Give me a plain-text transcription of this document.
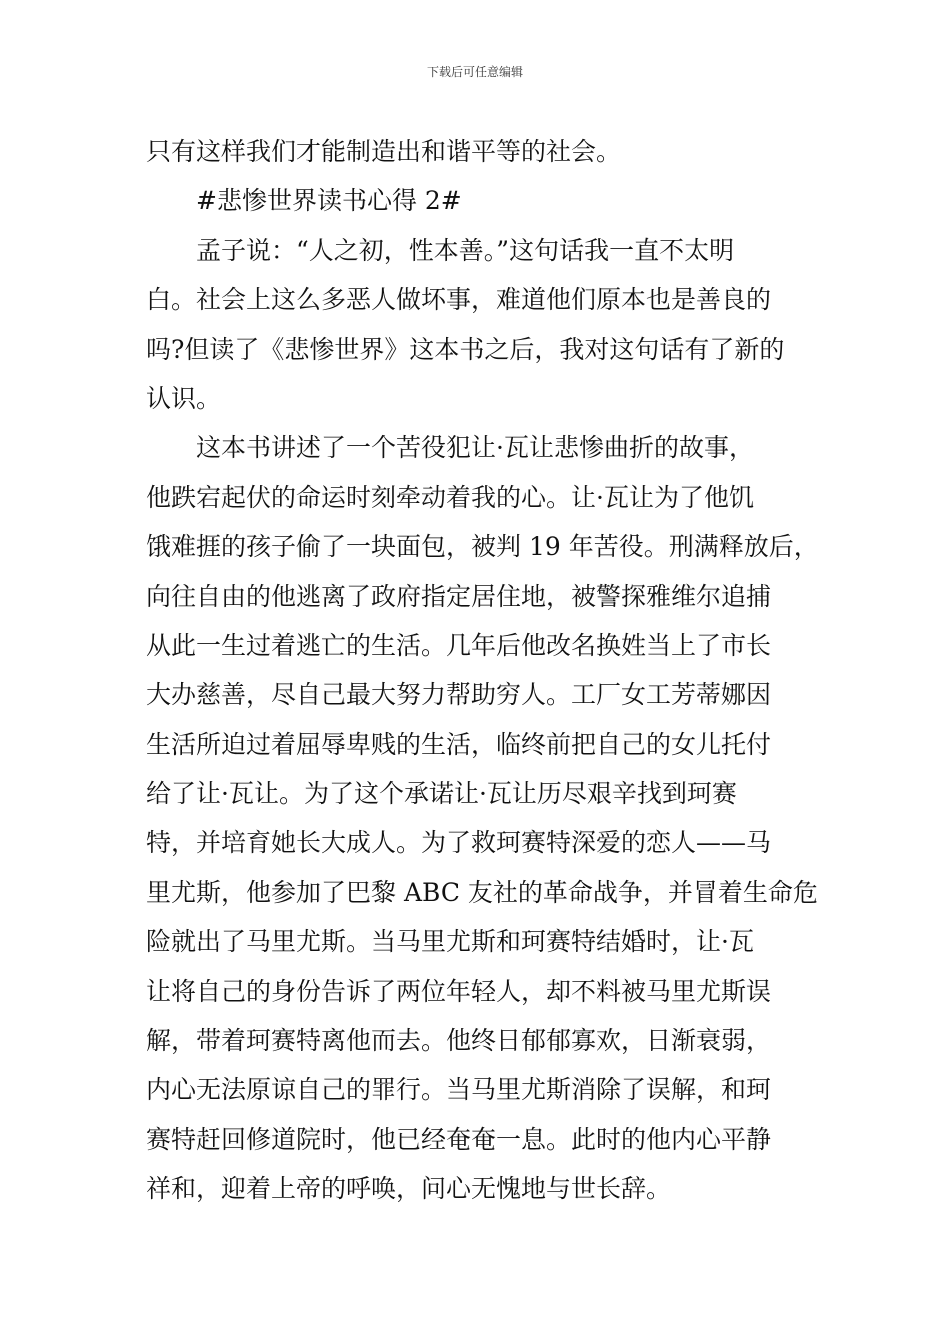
下载后可任意编辑
只有这样我们才能制造出和谐平等的社会。
#悲惨世界读书心得 2#
孟子说：“人之初，性本善。”这句话我一直不太明
白。社会上这么多恶人做坏事，难道他们原本也是善良的
吗?但读了《悲惨世界》这本书之后，我对这句话有了新的
认识。
这本书讲述了一个苦役犯让·瓦让悲惨曲折的故事，
他跌宕起伏的命运时刻牵动着我的心。让·瓦让为了他饥
饿难捱的孩子偷了一块面包，被判 19 年苦役。刑满释放后，
向往自由的他逃离了政府指定居住地，被警探雅维尔追捕
从此一生过着逃亡的生活。几年后他改名换姓当上了市长
大办慈善，尽自己最大努力帮助穷人。工厂女工芳蒂娜因
生活所迫过着屈辱卑贱的生活，临终前把自己的女儿托付
给了让·瓦让。为了这个承诺让·瓦让历尽艰辛找到珂赛
特，并培育她长大成人。为了救珂赛特深爱的恋人——马
里尤斯，他参加了巴黎 ABC 友社的革命战争，并冒着生命危
险就出了马里尤斯。当马里尤斯和珂赛特结婚时，让·瓦
让将自己的身份告诉了两位年轻人，却不料被马里尤斯误
解，带着珂赛特离他而去。他终日郁郁寡欢，日渐衰弱，
内心无法原谅自己的罪行。当马里尤斯消除了误解，和珂
赛特赶回修道院时，他已经奄奄一息。此时的他内心平静
祥和，迎着上帝的呼唤，问心无愧地与世长辞。
